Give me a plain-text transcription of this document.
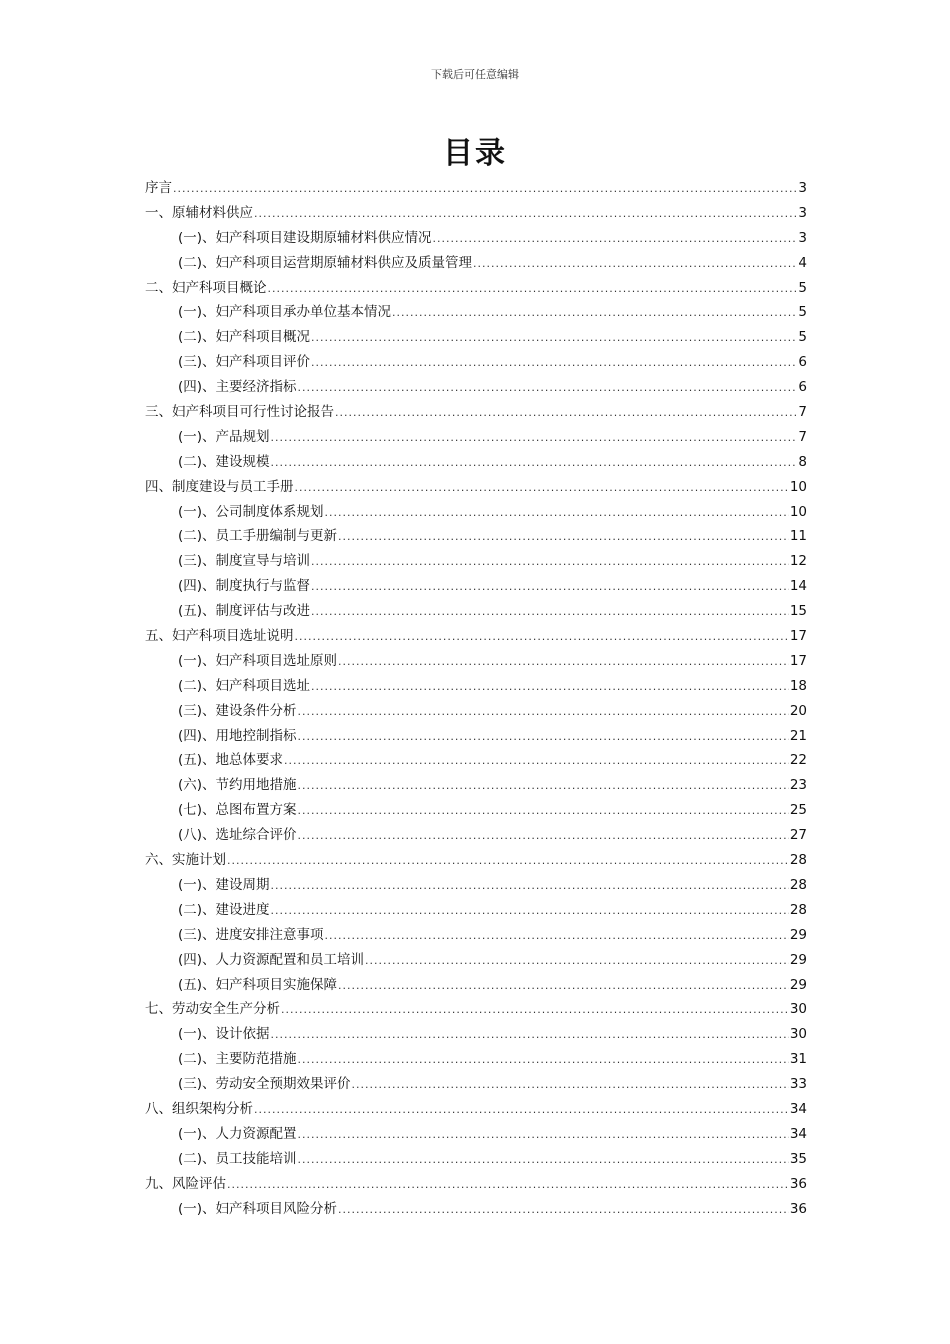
下载后可任意编辑
目录
序言 .....	3
一、原辅材料供应 .....	3
(一)、妇产科项目建设期原辅材料供应情况 .....	3
(二)、妇产科项目运营期原辅材料供应及质量管理 .....	4
二、妇产科项目概论 .....	5
(一)、妇产科项目承办单位基本情况 .....	5
(二)、妇产科项目概况 .....	5
(三)、妇产科项目评价 .....	6
(四)、主要经济指标 .....	6
三、妇产科项目可行性讨论报告 .....	7
(一)、产品规划 .....	7
(二)、建设规模 .....	8
四、制度建设与员工手册 .....	10
(一)、公司制度体系规划 .....	10
(二)、员工手册编制与更新 .....	11
(三)、制度宣导与培训 .....	12
(四)、制度执行与监督 .....	14
(五)、制度评估与改进 .....	15
五、妇产科项目选址说明 .....	17
(一)、妇产科项目选址原则 .....	17
(二)、妇产科项目选址 .....	18
(三)、建设条件分析 .....	20
(四)、用地控制指标 .....	21
(五)、地总体要求 .....	22
(六)、节约用地措施 .....	23
(七)、总图布置方案 .....	25
(八)、选址综合评价 .....	27
六、实施计划 .....	28
(一)、建设周期 .....	28
(二)、建设进度 .....	28
(三)、进度安排注意事项 .....	29
(四)、人力资源配置和员工培训 .....	29
(五)、妇产科项目实施保障 .....	29
七、劳动安全生产分析 .....	30
(一)、设计依据 .....	30
(二)、主要防范措施 .....	31
(三)、劳动安全预期效果评价 .....	33
八、组织架构分析 .....	34
(一)、人力资源配置 .....	34
(二)、员工技能培训 .....	35
九、风险评估 .....	36
(一)、妇产科项目风险分析 .....	36
